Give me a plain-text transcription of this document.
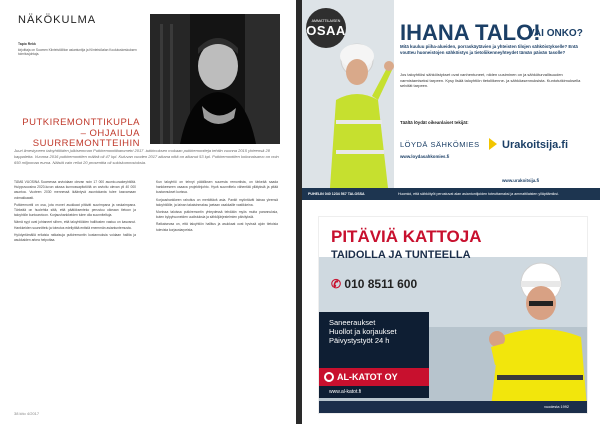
NÄKÖKULMA
Tapio Rekk
kirjoittaja on Suomen Kiinteistöliiton asiantuntija ja Kiinteistöalan Koulutuskeskuksen toimitusjohtaja.
PUTKIREMONTTIKUPLA
– OHJAILUA
SUURREMONTTEIHIN
Juuri ilmestyneen taloyhtiöiden julkisemman Putkiremonttibarometri 2017 -tutkimuksen mukaan putkiremontteja tehtiin vuonna 2015 yhteensä 28 kappaletta. Vuonna 2016 putkiremonttien määrä oli 47 kpl. Kuluvan vuoden 2017 aikana niitä on alkanut 53 kpl. Putkiremonttien kokonaisarvo on noin 650 miljoonaa euroa. Näistä vain reilut 20 prosenttia oli sukiskunnostuksia.

TÄMÄ VUOSINA Suomessa arvioidaan olevan noin 17 000 asunto-osakeyhtiötä. Huippuvuosina 2020-luvun alussa kunnossapitotöitä on arvioitu olevan yli 40 000 asuntoa. Vuoteen 2030 mennessä ikääntyvä asuntokanta tulee kasvamaan voimakkaasti.

Putkiremontti on osa, jota monet asukkaat pitävät suurimpana ja raskaimpana. Tärkeää on huolehtia siitä, että päätöksenteko perustuu oikeaan tietoon ja taloyhtiön kuntoarvioon. Korjaushankkeiden tulee olla suunniteltuja.

Nämä syyt ovat johtaneet siihen, että taloyhtiöiden hallitusten vastuu on kasvanut. Hankkeiden suunnittelu ja toteutus edellyttää entistä enemmän asiantuntemusta.

Hyödyntämällä erilaisia ratkaisuja putkiremontin kustannuksia voidaan hallita ja asukkaiden arkea helpottaa.

Kun taloyhtiö on tehnyt päätöksen suuresta remontista, on tärkeää saada hankkeeseen osaava projektinjohto. Hyvä suunnittelu vähentää yllätyksiä ja pitää kustannukset kurissa.

Korjaushankkeen rahoitus on merkittävä asia. Pankit myöntävät lainaa yleensä taloyhtiöille, ja lainan takaisinmaksu jaetaan osakkaille vastikkeina.

Monissa taloissa putkiremontin yhteydessä tehdään myös muita parannuksia, kuten kylpyhuoneiden uudistuksia ja sähköjärjestelmien päivityksiä.

Ratkaisevaa on, että taloyhtiön hallitus ja asukkaat ovat hyvissä ajoin tietoisia tulevista korjaustarpeista.

38 kito 4/2017
AMMATTILAISEN
OSAA IHANA TALO!
VAI ONKO?
Mitä kuuluu piiha-alueiden, porraskäytävien ja yhteisten tilojen sähköistykselle? Entä voutteu huoneistojen sähköistys ja tietoliikenneyhteydet tämän päivän tasolle?
Jos taloyhtiösi sähköistykset ovat vanhentuneet, niiden uusiminen on ja sähköturvallisuuden varmistamiseksi tarpeen. Kysy lisää taloyhtiön tietoliikenne- ja sähköasennuksista. Kuntotutkimuksella selvität tarpeen.
Täältä löydät oikeanlaiset tekijät:
LÖYDÄ SÄHKÖMIES
www.loydasahkomies.fi
Urakoitsija.fi
www.urakoitsija.fi
PUHELIN 040 1234 567 TALOSSA	Huomioi, että sähkötyöt perustuvat alan asiantuntijoiden toteuttamaksi ja ammattilaisten ylläpitämiksi.
PITÄVIÄ KATTOJA
TAIDOLLA JA TUNTEELLA
✆ 010 8511 600
Saneeraukset
Huollot ja korjaukset
Päivystystyöt 24 h
AL-KATOT OY
www.al-katot.fi
vuodesta 1992
